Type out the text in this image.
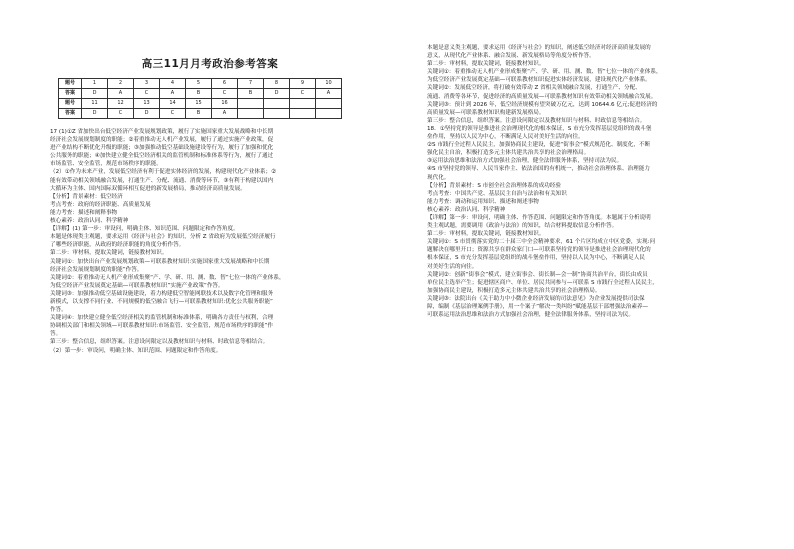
高三11月月考政治参考答案
题号	1	2	3	4	5	6	7	8	9	10
答案	D	A	C	A	B	C	B	D	C	A
题号	11	12	13	14	15	16				
答案	D	C	D	C	B	A				
17 (1)①Z 省加快出台低空经济产业发展规划政策，履行了实施国家重大发展战略和中长期
经济社会发展规划制度的职能；②着重推动无人机产业发展，履行了通过实施产业政策，促
进产业结构不断优化升级的职能；③加强推动低空基础设施建设等行为，履行了加强和优化
公共服务的职能；④加快建立健全低空经济相关的监管机制和标准体系等行为，履行了通过
市场监管、安全监管，规范市场秩序的职能。
（2）①作为未来产业，发展低空经济有利于促进实体经济的发展，构建现代化产业体系；②
能有效带动相关领域融合发展，打通生产、分配、流通、消费等环节，③有利于构建以国内
大循环为主体、国内国际双循环相互促进的新发展格局，推动经济高质量发展。
【分析】背景素材：低空经济
考点考查：政府的经济职能、高质量发展
能力考查：描述和阐释事物
核心素养：政治认同、科学精神
【详解】(1) 第一步：审设问，明确主体、知识范围、问题限定和作答角度。
本题是体现类主观题，要求运用《经济与社会》的知识，分析 Z 省政府为发展低空经济履行
了哪些经济职能，从政府的经济职能的角度分析作答。
第二步：审材料，提取关键词，链接教材知识。
关键词①：加快出台产业发展规划政策—可联系教材知识:实施国家重大发展战略和中长期
经济社会发展规划制度的职能”作答。
关键词②：着重推动无人机产业形成集聚“产、学、研、用、测、数、智”七位一体的产业体系，
为低空经济产业发展奠定基础—可联系教材知识”实施产业政策”作答。
关键词③：加强推动低空基础设施建设，着力构建低空智能网联技术以及数字化管理和服务
新模式，以支撑不同行业、不同规模的低空融合飞行—可联系教材知识:优化公共服务职能”
作答。
关键词④：加快建立健全低空经济相关的监管机制和标准体系，明确各方责任与权利，合理
协调相关部门和相关领域—可联系教材知识:市场监管、安全监管，规范市场秩序的职能”作
答。
第三步：整合信息，组织答案。注意设问限定以及教材知识与材料、时政信息等相结合。
（2）第一步：审设问，明确主体、知识范围、问题限定和作答角度。
本题是意义类主观题，要求运用《经济与社会》的知识，阐述低空经济对经济高质量发展的
意义，从现代化产业体系、融合发展、新发展格局等角度分析作答。
第二步：审材料，提取关键词，链接教材知识。
关键词①：着重推动无人机产业形成集聚“产、学、研、用、测、数、智”七位一体的产业体系，
为低空经济产业发展奠定基础—可联系教材知识促进实体经济发展，建设现代化产业体系。
关键词②：发展低空经济，将打破有效带动 Z 省相关领域融合发展，打通生产、分配、
流通、消费等各环节，促进经济的高质量发展—可联系教材知识有效带动相关领域融合发展。
关键词③：预计到 2026 年，低空经济规模有望突破万亿元，达到 10644.6 亿元;促进经济的
高质量发展—可联系教材知识构建新发展格局。
第三步：整合信息，组织答案。注意设问限定以及教材知识与材料、时政信息等相结合。
18．①坚持党的领导是推进社会治理现代化的根本保证，S 市充分发挥基层党组织的战斗堡
垒作用，坚持以人民为中心，不断满足人民对美好生活的向往。
②S 市践行全过程人民民主，加强协商民主建设，促进“街事会”模式规范化、制度化，不断
强化民主自治，积极打造多元主体共建共治共享的社会治理格局。
③运用法治思维和法治方式加强社会治理，健全法律服务体系，坚持司法为民。
④S 市坚持党的领导、人民当家作主、依法治国的有机统一，推动社会治理体系、治理能力
现代化。
【分析】背景素材：S 市创全社会治理体系的成功经验
考点考查：中国共产党、基层民主自治与法治和有关知识
能力考查：调动和运用知识、描述和阐述事物
核心素养：政治认同、科学精神
【详解】第一步：审设问，明确主体、作答范围、问题限定和作答角度。本题属于分析说明
类主观试题，需要调用《政治与法治》的知识，结合材料提取信息分析作答。
第二步：审材料，提取关键词，链接教材知识。
关键词①：S 市贯彻落实党的二十届三中全会精神要求，61 个片区均成立中区党委，实现:问
题解决在哪里开口；资源共享在群众家门口—可联系坚持党的领导是推进社会治理现代化的
根本保证，S 市充分发挥基层党组织的战斗堡垒作用，坚持以人民为中心，不断满足人民
对美好生活的向往。
关键词②：创新“街事会”模式，建立街事会、街长制—会一制“协商共治平台，街长由成员
单位民主选举产生；促进辖区商户、单位、居民共同参与—可联系 S 市践行全过程人民民主，
加强协商民主建设，积极打造多元主体共建共治共享的社会治理格局。
关键词③：法院出台《关于助力中小微企业经济发展的司法意见》为企业发展提供司法保
障，编制《基层治理案例手册》，用一个案子”解决一类纠纷”赋能基层干部增强法治素养—
可联系运用法治思维和法治方式加强社会治理，健全法律服务体系，坚持司法为民。
